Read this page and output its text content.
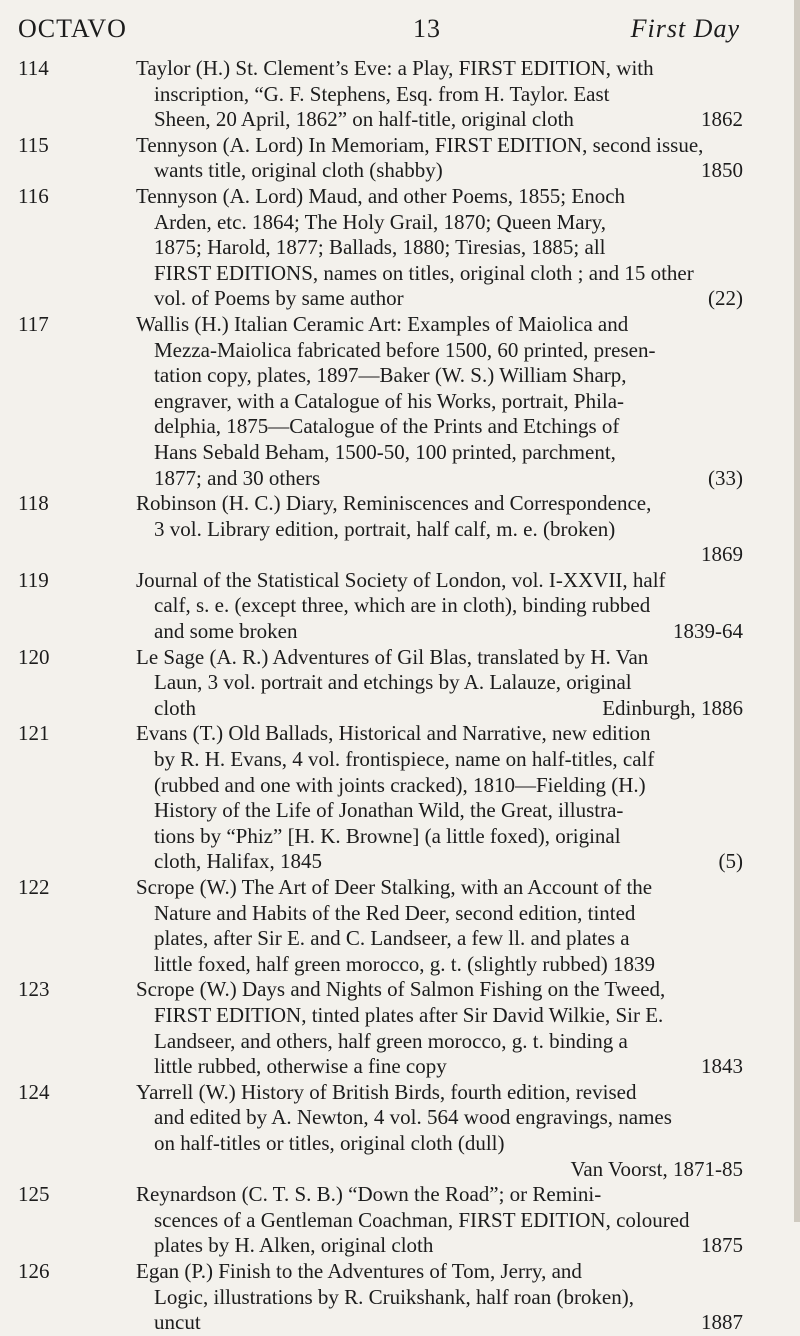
OCTAVO	13	First Day
114	Taylor (H.) St. Clement’s Eve: a Play, FIRST EDITION, with
inscription, “G. F. Stephens, Esq. from H. Taylor. East
Sheen, 20 April, 1862” on half-title, original cloth	1862
115	Tennyson (A. Lord) In Memoriam, FIRST EDITION, second issue,
wants title, original cloth (shabby)	1850
116	Tennyson (A. Lord) Maud, and other Poems, 1855; Enoch
Arden, etc. 1864; The Holy Grail, 1870; Queen Mary,
1875; Harold, 1877; Ballads, 1880; Tiresias, 1885; all
FIRST EDITIONS, names on titles, original cloth ; and 15 other
vol. of Poems by same author	(22)
117	Wallis (H.) Italian Ceramic Art: Examples of Maiolica and
Mezza-Maiolica fabricated before 1500, 60 printed, presen-
tation copy, plates, 1897—Baker (W. S.) William Sharp,
engraver, with a Catalogue of his Works, portrait, Phila-
delphia, 1875—Catalogue of the Prints and Etchings of
Hans Sebald Beham, 1500-50, 100 printed, parchment,
1877; and 30 others	(33)
118	Robinson (H. C.) Diary, Reminiscences and Correspondence,
3 vol. Library edition, portrait, half calf, m. e. (broken)
1869
119	Journal of the Statistical Society of London, vol. I-XXVII, half
calf, s. e. (except three, which are in cloth), binding rubbed
and some broken	1839-64
120	Le Sage (A. R.) Adventures of Gil Blas, translated by H. Van
Laun, 3 vol. portrait and etchings by A. Lalauze, original
cloth	Edinburgh, 1886
121	Evans (T.) Old Ballads, Historical and Narrative, new edition
by R. H. Evans, 4 vol. frontispiece, name on half-titles, calf
(rubbed and one with joints cracked), 1810—Fielding (H.)
History of the Life of Jonathan Wild, the Great, illustra-
tions by “Phiz” [H. K. Browne] (a little foxed), original
cloth, Halifax, 1845	(5)
122	Scrope (W.) The Art of Deer Stalking, with an Account of the
Nature and Habits of the Red Deer, second edition, tinted
plates, after Sir E. and C. Landseer, a few ll. and plates a
little foxed, half green morocco, g. t. (slightly rubbed) 1839
123	Scrope (W.) Days and Nights of Salmon Fishing on the Tweed,
FIRST EDITION, tinted plates after Sir David Wilkie, Sir E.
Landseer, and others, half green morocco, g. t. binding a
little rubbed, otherwise a fine copy	1843
124	Yarrell (W.) History of British Birds, fourth edition, revised
and edited by A. Newton, 4 vol. 564 wood engravings, names
on half-titles or titles, original cloth (dull)
Van Voorst, 1871-85
125	Reynardson (C. T. S. B.) “Down the Road”; or Remini-
scences of a Gentleman Coachman, FIRST EDITION, coloured
plates by H. Alken, original cloth	1875
126	Egan (P.) Finish to the Adventures of Tom, Jerry, and
Logic, illustrations by R. Cruikshank, half roan (broken),
uncut	1887
